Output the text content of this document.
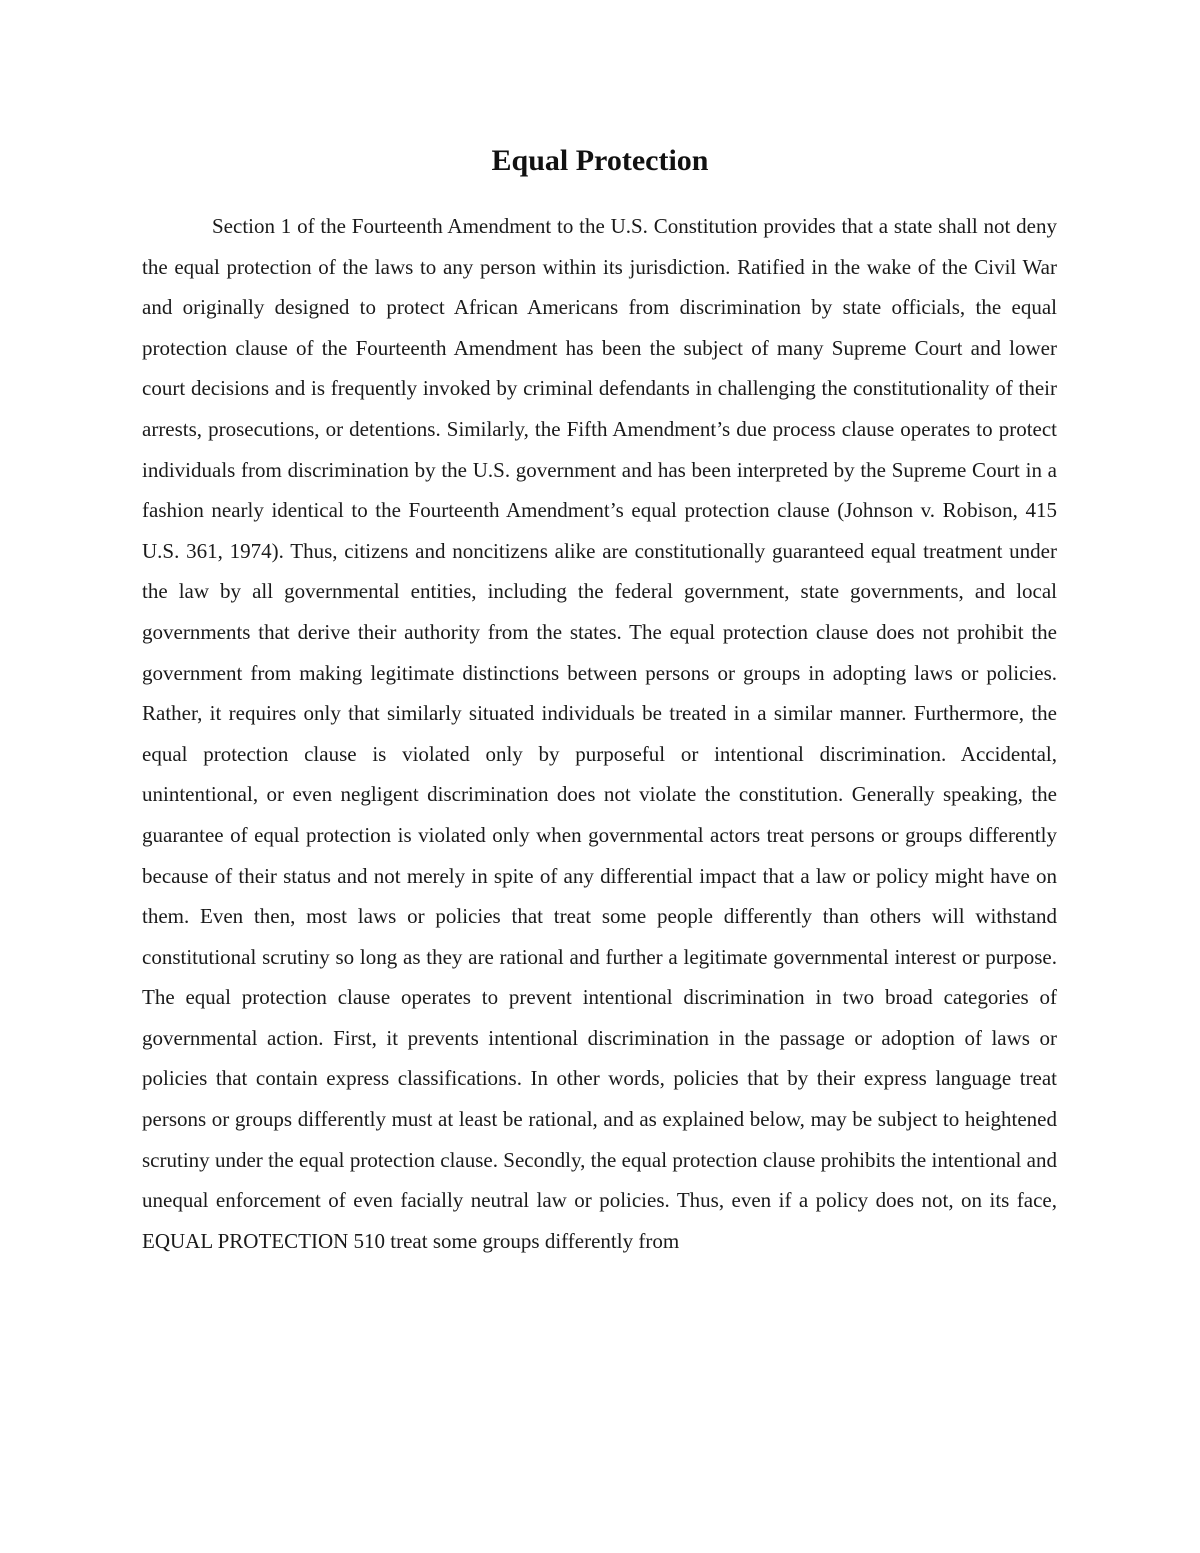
Equal Protection

Section 1 of the Fourteenth Amendment to the U.S. Constitution provides that a state shall not deny the equal protection of the laws to any person within its jurisdiction. Ratified in the wake of the Civil War and originally designed to protect African Americans from discrimination by state officials, the equal protection clause of the Fourteenth Amendment has been the subject of many Supreme Court and lower court decisions and is frequently invoked by criminal defendants in challenging the constitutionality of their arrests, prosecutions, or detentions. Similarly, the Fifth Amendment’s due process clause operates to protect individuals from discrimination by the U.S. government and has been interpreted by the Supreme Court in a fashion nearly identical to the Fourteenth Amendment’s equal protection clause (Johnson v. Robison, 415 U.S. 361, 1974). Thus, citizens and noncitizens alike are constitutionally guaranteed equal treatment under the law by all governmental entities, including the federal government, state governments, and local governments that derive their authority from the states. The equal protection clause does not prohibit the government from making legitimate distinctions between persons or groups in adopting laws or policies. Rather, it requires only that similarly situated individuals be treated in a similar manner. Furthermore, the equal protection clause is violated only by purposeful or intentional discrimination. Accidental, unintentional, or even negligent discrimination does not violate the constitution. Generally speaking, the guarantee of equal protection is violated only when governmental actors treat persons or groups differently because of their status and not merely in spite of any differential impact that a law or policy might have on them. Even then, most laws or policies that treat some people differently than others will withstand constitutional scrutiny so long as they are rational and further a legitimate governmental interest or purpose. The equal protection clause operates to prevent intentional discrimination in two broad categories of governmental action. First, it prevents intentional discrimination in the passage or adoption of laws or policies that contain express classifications. In other words, policies that by their express language treat persons or groups differently must at least be rational, and as explained below, may be subject to heightened scrutiny under the equal protection clause. Secondly, the equal protection clause prohibits the intentional and unequal enforcement of even facially neutral law or policies. Thus, even if a policy does not, on its face, EQUAL PROTECTION 510 treat some groups differently from
